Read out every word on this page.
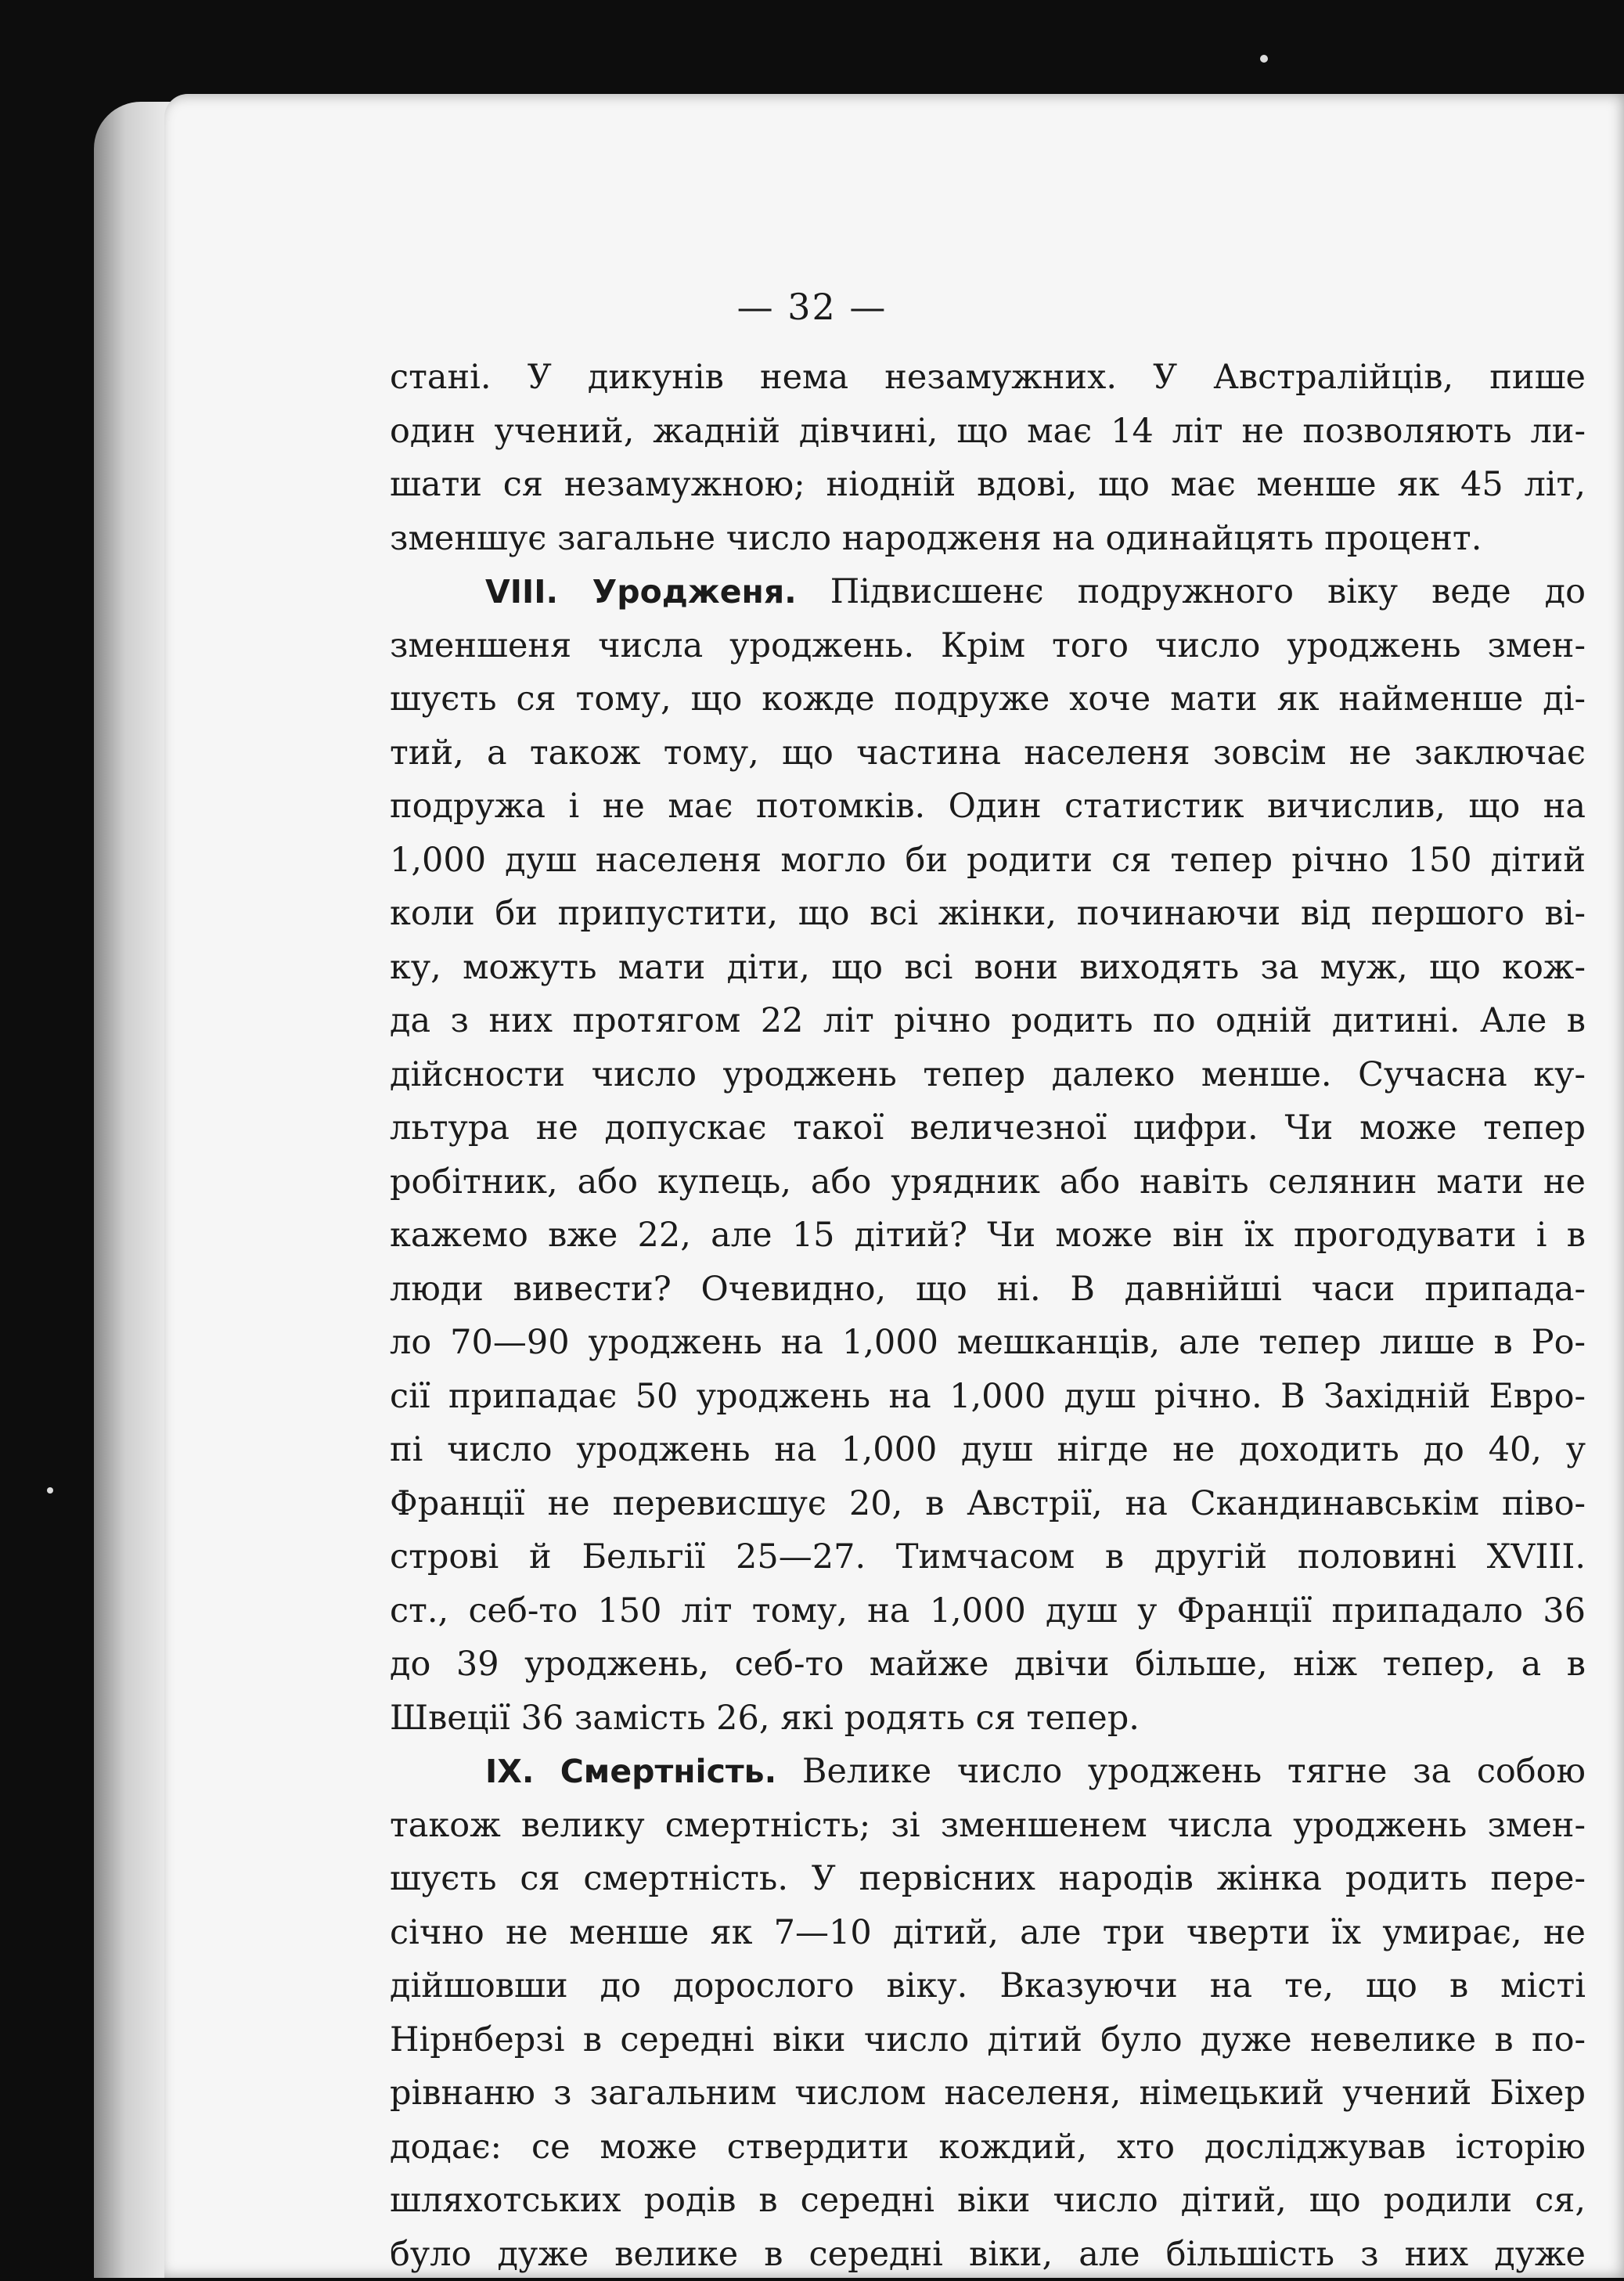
— 32 —
стані. У дикунів нема незамужних. У Австралійців, пише
один учений, жадній дівчині, що має 14 літ не позволяють ли-
шати ся незамужною; ніодній вдові, що має менше як 45 літ,
зменшує загальне число народженя на одинайцять процент.
VIII. Уродженя. Підвисшенє подружного віку веде до
зменшеня числа уроджень. Крім того число уроджень змен-
шуєть ся тому, що кожде подруже хоче мати як найменше ді-
тий, а також тому, що частина населеня зовсім не заключає
подружа і не має потомків. Один статистик вичислив, що на
1,000 душ населеня могло би родити ся тепер річно 150 дітий
коли би припустити, що всі жінки, починаючи від першого ві-
ку, можуть мати діти, що всі вони виходять за муж, що кож-
да з них протягом 22 літ річно родить по одній дитині. Але в
дійсности число уроджень тепер далеко менше. Сучасна ку-
льтура не допускає такої величезної цифри. Чи може тепер
робітник, або купець, або урядник або навіть селянин мати не
кажемо вже 22, але 15 дітий? Чи може він їх прогодувати і в
люди вивести? Очевидно, що ні. В давнійші часи припада-
ло 70—90 уроджень на 1,000 мешканців, але тепер лише в Ро-
сії припадає 50 уроджень на 1,000 душ річно. В Західній Евро-
пі число уроджень на 1,000 душ нігде не доходить до 40, у
Франції не перевисшує 20, в Австрії, на Скандинавськім піво-
строві й Бельгії 25—27. Тимчасом в другій половині XVIII.
ст., себ-то 150 літ тому, на 1,000 душ у Франції припадало 36
до 39 уроджень, себ-то майже двічи більше, ніж тепер, а в
Швеції 36 замість 26, які родять ся тепер.
IX. Смертність. Велике число уроджень тягне за собою
також велику смертність; зі зменшенем числа уроджень змен-
шуєть ся смертність. У первісних народів жінка родить пере-
січно не менше як 7—10 дітий, але три чверти їх умирає, не
дійшовши до дорослого віку. Вказуючи на те, що в місті
Нірнберзі в середні віки число дітий було дуже невелике в по-
рівнаню з загальним числом населеня, німецький учений Біхер
додає: се може ствердити кождий, хто досліджував історію
шляхотських родів в середні віки число дітий, що родили ся,
було дуже велике в середні віки, але більшість з них дуже
